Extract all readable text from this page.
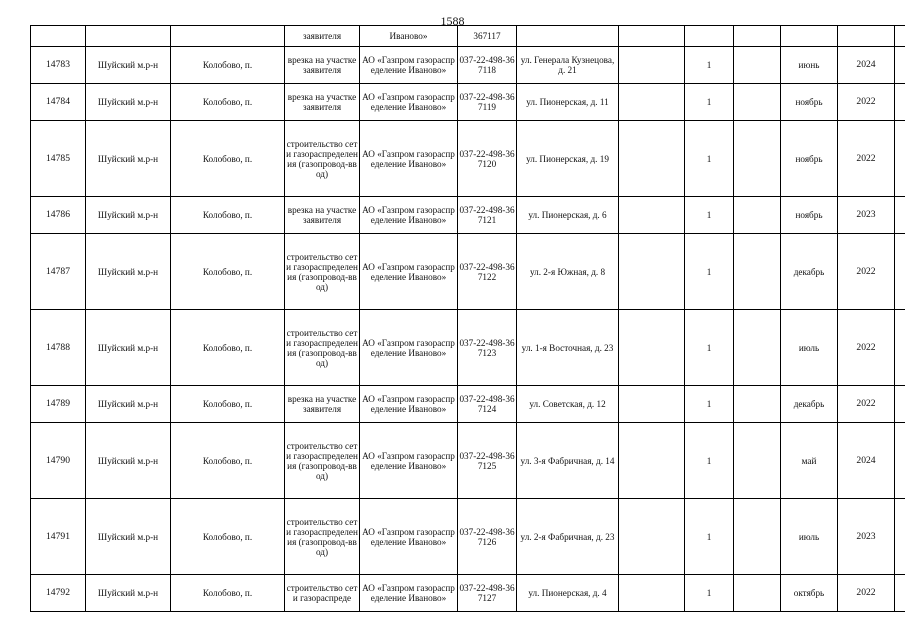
1588
			заявителя	Иваново»	367117							
14783	Шуйский м.р-н	Колобово, п.	врезка на участке заявителя	АО «Газпром газораспределение Иваново»	037-22-498-367118	ул. Генерала Кузнецова, д. 21		1		июнь	2024	
14784	Шуйский м.р-н	Колобово, п.	врезка на участке заявителя	АО «Газпром газораспределение Иваново»	037-22-498-367119	ул. Пионерская, д. 11		1		ноябрь	2022	
14785	Шуйский м.р-н	Колобово, п.	строительство сети газораспределения (газопровод-ввод)	АО «Газпром газораспределение Иваново»	037-22-498-367120	ул. Пионерская, д. 19		1		ноябрь	2022	
14786	Шуйский м.р-н	Колобово, п.	врезка на участке заявителя	АО «Газпром газораспределение Иваново»	037-22-498-367121	ул. Пионерская, д. 6		1		ноябрь	2023	
14787	Шуйский м.р-н	Колобово, п.	строительство сети газораспределения (газопровод-ввод)	АО «Газпром газораспределение Иваново»	037-22-498-367122	ул. 2-я Южная, д. 8		1		декабрь	2022	
14788	Шуйский м.р-н	Колобово, п.	строительство сети газораспределения (газопровод-ввод)	АО «Газпром газораспределение Иваново»	037-22-498-367123	ул. 1-я Восточная, д. 23		1		июль	2022	
14789	Шуйский м.р-н	Колобово, п.	врезка на участке заявителя	АО «Газпром газораспределение Иваново»	037-22-498-367124	ул. Советская, д. 12		1		декабрь	2022	
14790	Шуйский м.р-н	Колобово, п.	строительство сети газораспределения (газопровод-ввод)	АО «Газпром газораспределение Иваново»	037-22-498-367125	ул. 3-я Фабричная, д. 14		1		май	2024	
14791	Шуйский м.р-н	Колобово, п.	строительство сети газораспределения (газопровод-ввод)	АО «Газпром газораспределение Иваново»	037-22-498-367126	ул. 2-я Фабричная, д. 23		1		июль	2023	
14792	Шуйский м.р-н	Колобово, п.	строительство сети газораспреде	АО «Газпром газораспределение Иваново»	037-22-498-367127	ул. Пионерская, д. 4		1		октябрь	2022	
